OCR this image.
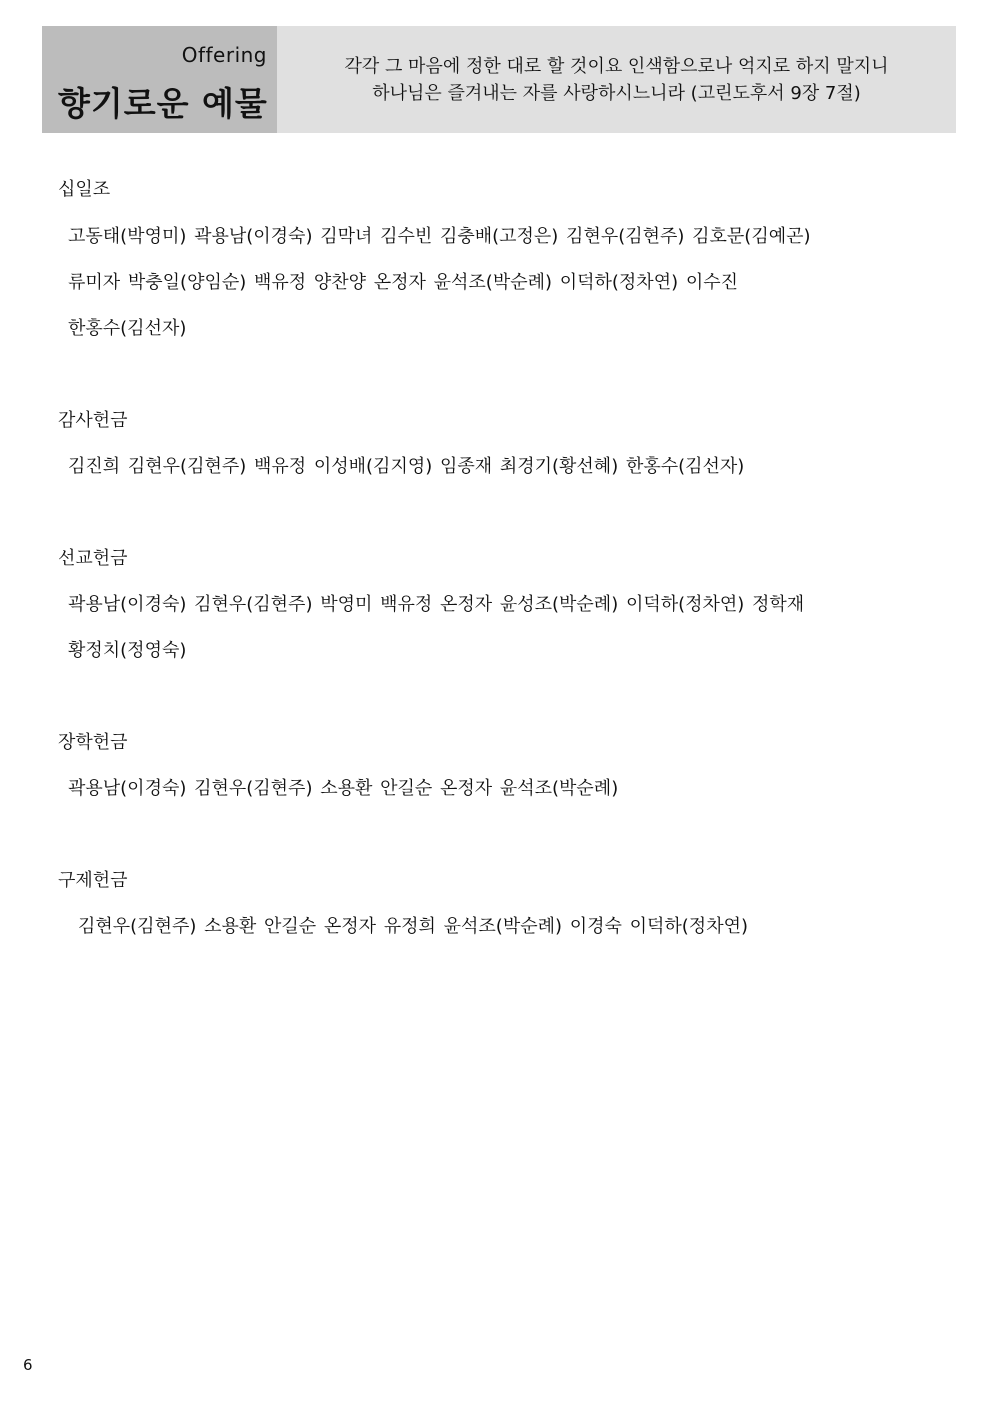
Offering
향기로운 예물
각각 그 마음에 정한 대로 할 것이요 인색함으로나 억지로 하지 말지니
하나님은 즐겨내는 자를 사랑하시느니라 (고린도후서 9장 7절)
십일조
고동태(박영미) 곽용남(이경숙) 김막녀 김수빈 김충배(고정은) 김현우(김현주) 김호문(김예곤)
류미자 박충일(양임순) 백유정 양찬양 온정자 윤석조(박순례) 이덕하(정차연) 이수진
한홍수(김선자)
감사헌금
김진희 김현우(김현주) 백유정 이성배(김지영) 임종재 최경기(황선혜) 한홍수(김선자)
선교헌금
곽용남(이경숙) 김현우(김현주) 박영미 백유정 온정자 윤성조(박순례) 이덕하(정차연) 정학재
황정치(정영숙)
장학헌금
곽용남(이경숙) 김현우(김현주) 소용환 안길순 온정자 윤석조(박순례)
구제헌금
김현우(김현주) 소용환 안길순 온정자 유정희 윤석조(박순례) 이경숙 이덕하(정차연)
6
